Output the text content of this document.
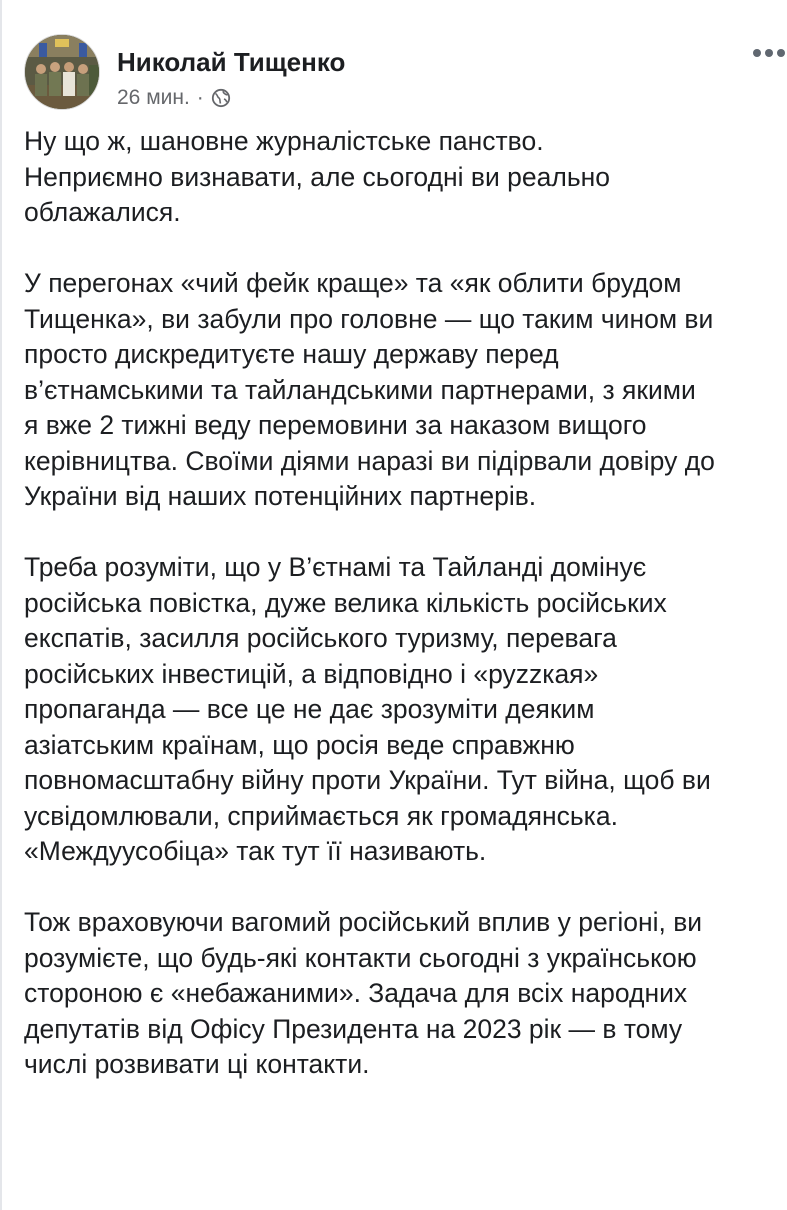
Николай Тищенко
26 мин. ·

Ну що ж, шановне журналістське панство.
Неприємно визнавати, але сьогодні ви реально
облажалися.

У перегонах «чий фейк краще» та «як облити брудом
Тищенка», ви забули про головне — що таким чином ви
просто дискредитуєте нашу державу перед
в’єтнамськими та тайландськими партнерами, з якими
я вже 2 тижні веду перемовини за наказом вищого
керівництва. Своїми діями наразі ви підірвали довіру до
України від наших потенційних партнерів.

Треба розуміти, що у В’єтнамі та Тайланді домінує
російська повістка, дуже велика кількість російських
експатів, засилля російського туризму, перевага
російських інвестицій, а відповідно і «руzzкая»
пропаганда — все це не дає зрозуміти деяким
азіатським країнам, що росія веде справжню
повномасштабну війну проти України. Тут війна, щоб ви
усвідомлювали, сприймається як громадянська.
«Междуусобіца» так тут її називають.

Тож враховуючи вагомий російський вплив у регіоні, ви
розумієте, що будь-які контакти сьогодні з українською
стороною є «небажаними». Задача для всіх народних
депутатів від Офісу Президента на 2023 рік — в тому
числі розвивати ці контакти.
